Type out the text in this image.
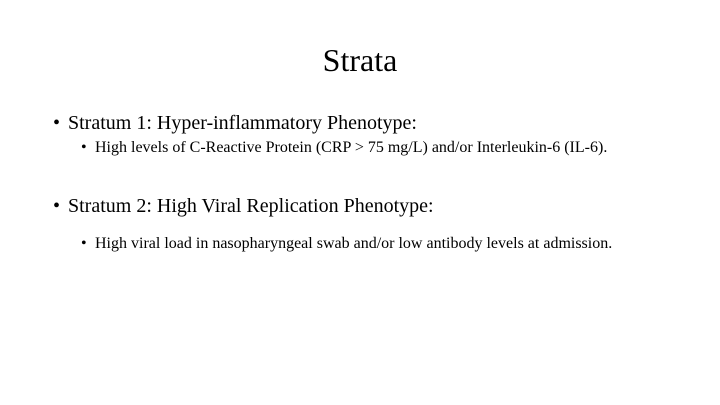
Strata
• Stratum 1: Hyper-inflammatory Phenotype:
• High levels of C-Reactive Protein (CRP > 75 mg/L) and/or Interleukin-6 (IL-6).
• Stratum 2: High Viral Replication Phenotype:
• High viral load in nasopharyngeal swab and/or low antibody levels at admission.
